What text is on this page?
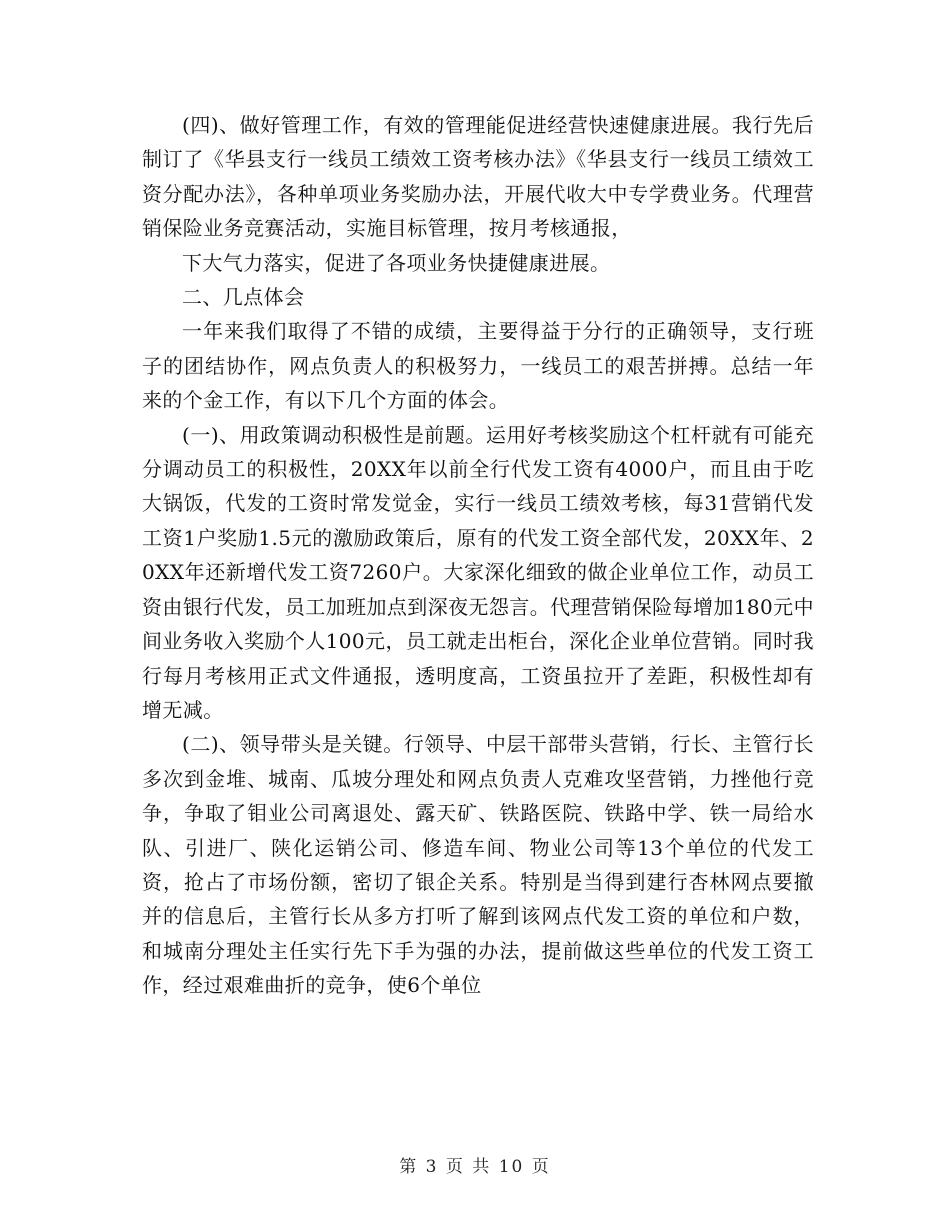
(四)、做好管理工作，有效的管理能促进经营快速健康进展。我行先后制订了《华县支行一线员工绩效工资考核办法》《华县支行一线员工绩效工资分配办法》，各种单项业务奖励办法，开展代收大中专学费业务。代理营销保险业务竞赛活动，实施目标管理，按月考核通报，

下大气力落实，促进了各项业务快捷健康进展。

二、几点体会

一年来我们取得了不错的成绩，主要得益于分行的正确领导，支行班子的团结协作，网点负责人的积极努力，一线员工的艰苦拼搏。总结一年来的个金工作，有以下几个方面的体会。

(一)、用政策调动积极性是前题。运用好考核奖励这个杠杆就有可能充分调动员工的积极性，20XX年以前全行代发工资有4000户，而且由于吃大锅饭，代发的工资时常发觉金，实行一线员工绩效考核，每31营销代发工资1户奖励1.5元的激励政策后，原有的代发工资全部代发，20XX年、20XX年还新增代发工资7260户。大家深化细致的做企业单位工作，动员工资由银行代发，员工加班加点到深夜无怨言。代理营销保险每增加180元中间业务收入奖励个人100元，员工就走出柜台，深化企业单位营销。同时我行每月考核用正式文件通报，透明度高，工资虽拉开了差距，积极性却有增无减。

(二)、领导带头是关键。行领导、中层干部带头营销，行长、主管行长多次到金堆、城南、瓜坡分理处和网点负责人克难攻坚营销，力挫他行竞争，争取了钼业公司离退处、露天矿、铁路医院、铁路中学、铁一局给水队、引进厂、陕化运销公司、修造车间、物业公司等13个单位的代发工资，抢占了市场份额，密切了银企关系。特别是当得到建行杏林网点要撤并的信息后，主管行长从多方打听了解到该网点代发工资的单位和户数，和城南分理处主任实行先下手为强的办法，提前做这些单位的代发工资工作，经过艰难曲折的竞争，使6个单位

第 3 页 共 10 页
